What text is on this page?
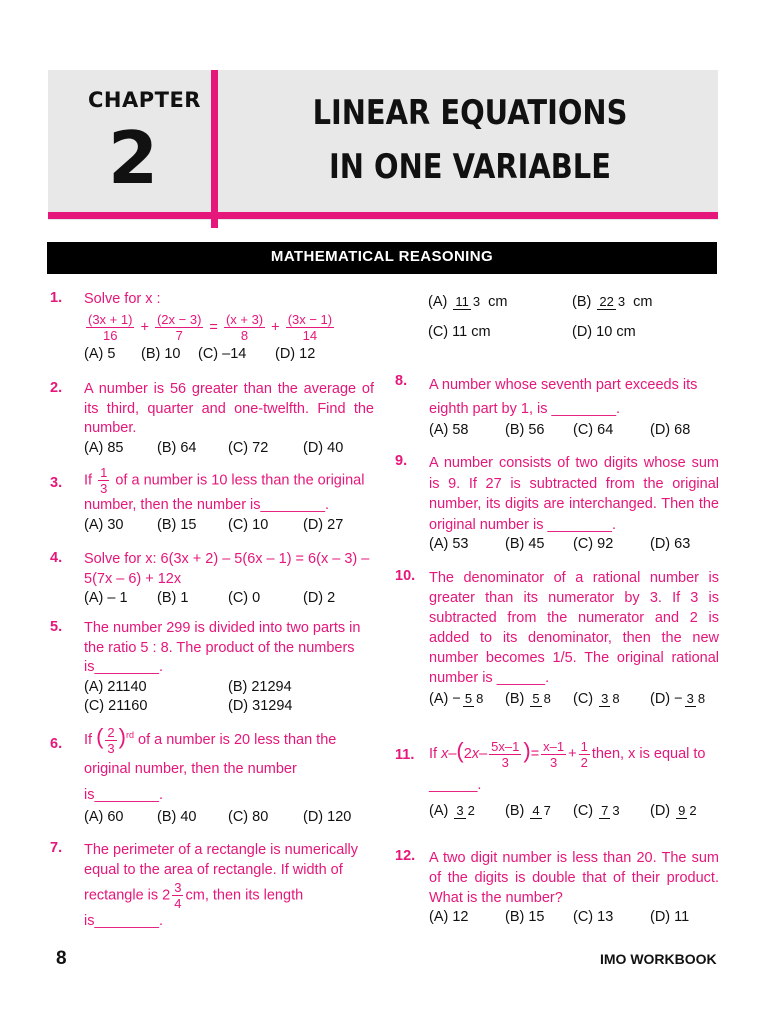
CHAPTER
2
LINEAR EQUATIONS
IN ONE VARIABLE
MATHEMATICAL REASONING
1. Solve for x :
$\frac{(3x + 1)}{16} + \frac{(2x - 3)}{7} = \frac{(x + 3)}{8} + \frac{(3x - 1)}{14}$
(A) 5	(B) 10	(C) –14	(D) 12
2. A number is 56 greater than the average of its third, quarter and one-twelfth. Find the number.
(A) 85	(B) 64	(C) 72	(D) 40
3. If $\frac{1}{3}$ of a number is 10 less than the original number, then the number is________.
(A) 30	(B) 15	(C) 10	(D) 27
4. Solve for x: 6(3x + 2) – 5(6x – 1) = 6(x – 3) – 5(7x – 6) + 12x
(A) – 1	(B) 1	(C) 0	(D) 2
5. The number 299 is divided into two parts in the ratio 5 : 8. The product of the numbers is________.
(A) 21140	(B) 21294
(C) 21160	(D) 31294
6. If ( $\frac{2}{3} )^{rd}$ of a number is 20 less than the original number, then the number is________.
(A) 60	(B) 40	(C) 80	(D) 120
7. The perimeter of a rectangle is numerically equal to the area of rectangle. If width of rectangle is $2 \frac{3}{4}$ cm, then its length is________.
(A) 11 3 cm	(B) 22 3 cm
(C) 11 cm	(D) 10 cm
8. A number whose seventh part exceeds its eighth part by 1, is ________.
(A) 58	(B) 56	(C) 64	(D) 68
9. A number consists of two digits whose sum is 9. If 27 is subtracted from the original number, its digits are interchanged. Then the original number is ________.
(A) 53	(B) 45	(C) 92	(D) 63
10. The denominator of a rational number is greater than its numerator by 3. If 3 is subtracted from the numerator and 2 is added to its denominator, then the new number becomes 1/5. The original rational number is ______.
(A) − 5 8	(B) 5 8	(C) 3 8	(D) − 3 8
11. If $x-(2x- \frac{5x-1}{3}$ )= $\frac{x-1}{3} + \frac{1}{2}$ then, x is equal to ______.
(A) 3 2	(B) 4 7	(C) 7 3	(D) 9 2
12. A two digit number is less than 20. The sum of the digits is double that of their product. What is the number?
(A) 12	(B) 15	(C) 13	(D) 11
8	IMO WORKBOOK
